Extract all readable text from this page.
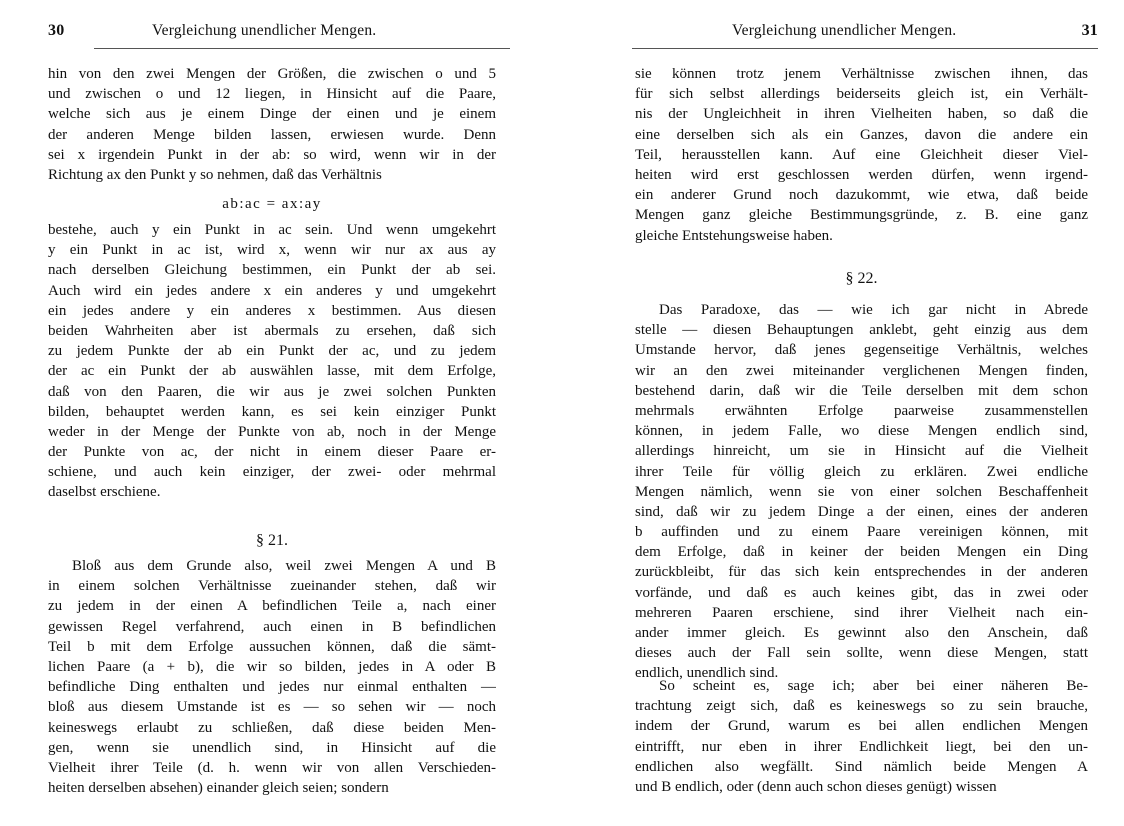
30	Vergleichung unendlicher Mengen.
hin von den zwei Mengen der Größen, die zwischen o und 5
und zwischen o und 12 liegen, in Hinsicht auf die Paare,
welche sich aus je einem Dinge der einen und je einem
der anderen Menge bilden lassen, erwiesen wurde. Denn
sei x irgendein Punkt in der ab: so wird, wenn wir in der
Richtung ax den Punkt y so nehmen, daß das Verhältnis
ab:ac = ax:ay
bestehe, auch y ein Punkt in ac sein. Und wenn umgekehrt
y ein Punkt in ac ist, wird x, wenn wir nur ax aus ay
nach derselben Gleichung bestimmen, ein Punkt der ab sei.
Auch wird ein jedes andere x ein anderes y und umgekehrt
ein jedes andere y ein anderes x bestimmen. Aus diesen
beiden Wahrheiten aber ist abermals zu ersehen, daß sich
zu jedem Punkte der ab ein Punkt der ac, und zu jedem
der ac ein Punkt der ab auswählen lasse, mit dem Erfolge,
daß von den Paaren, die wir aus je zwei solchen Punkten
bilden, behauptet werden kann, es sei kein einziger Punkt
weder in der Menge der Punkte von ab, noch in der Menge
der Punkte von ac, der nicht in einem dieser Paare er-
schiene, und auch kein einziger, der zwei- oder mehrmal
daselbst erschiene.
§ 21.
Bloß aus dem Grunde also, weil zwei Mengen A und B
in einem solchen Verhältnisse zueinander stehen, daß wir
zu jedem in der einen A befindlichen Teile a, nach einer
gewissen Regel verfahrend, auch einen in B befindlichen
Teil b mit dem Erfolge aussuchen können, daß die sämt-
lichen Paare (a + b), die wir so bilden, jedes in A oder B
befindliche Ding enthalten und jedes nur einmal enthalten —
bloß aus diesem Umstande ist es — so sehen wir — noch
keineswegs erlaubt zu schließen, daß diese beiden Men-
gen, wenn sie unendlich sind, in Hinsicht auf die
Vielheit ihrer Teile (d. h. wenn wir von allen Verschieden-
heiten derselben absehen) einander gleich seien; sondern
Vergleichung unendlicher Mengen.	31
sie können trotz jenem Verhältnisse zwischen ihnen, das
für sich selbst allerdings beiderseits gleich ist, ein Verhält-
nis der Ungleichheit in ihren Vielheiten haben, so daß die
eine derselben sich als ein Ganzes, davon die andere ein
Teil, herausstellen kann. Auf eine Gleichheit dieser Viel-
heiten wird erst geschlossen werden dürfen, wenn irgend-
ein anderer Grund noch dazukommt, wie etwa, daß beide
Mengen ganz gleiche Bestimmungsgründe, z. B. eine ganz
gleiche Entstehungsweise haben.
§ 22.
Das Paradoxe, das — wie ich gar nicht in Abrede
stelle — diesen Behauptungen anklebt, geht einzig aus dem
Umstande hervor, daß jenes gegenseitige Verhältnis, welches
wir an den zwei miteinander verglichenen Mengen finden,
bestehend darin, daß wir die Teile derselben mit dem schon
mehrmals erwähnten Erfolge paarweise zusammenstellen
können, in jedem Falle, wo diese Mengen endlich sind,
allerdings hinreicht, um sie in Hinsicht auf die Vielheit
ihrer Teile für völlig gleich zu erklären. Zwei endliche
Mengen nämlich, wenn sie von einer solchen Beschaffenheit
sind, daß wir zu jedem Dinge a der einen, eines der anderen
b auffinden und zu einem Paare vereinigen können, mit
dem Erfolge, daß in keiner der beiden Mengen ein Ding
zurückbleibt, für das sich kein entsprechendes in der anderen
vorfände, und daß es auch keines gibt, das in zwei oder
mehreren Paaren erschiene, sind ihrer Vielheit nach ein-
ander immer gleich. Es gewinnt also den Anschein, daß
dieses auch der Fall sein sollte, wenn diese Mengen, statt
endlich, unendlich sind.
So scheint es, sage ich; aber bei einer näheren Be-
trachtung zeigt sich, daß es keineswegs so zu sein brauche,
indem der Grund, warum es bei allen endlichen Mengen
eintrifft, nur eben in ihrer Endlichkeit liegt, bei den un-
endlichen also wegfällt. Sind nämlich beide Mengen A
und B endlich, oder (denn auch schon dieses genügt) wissen
